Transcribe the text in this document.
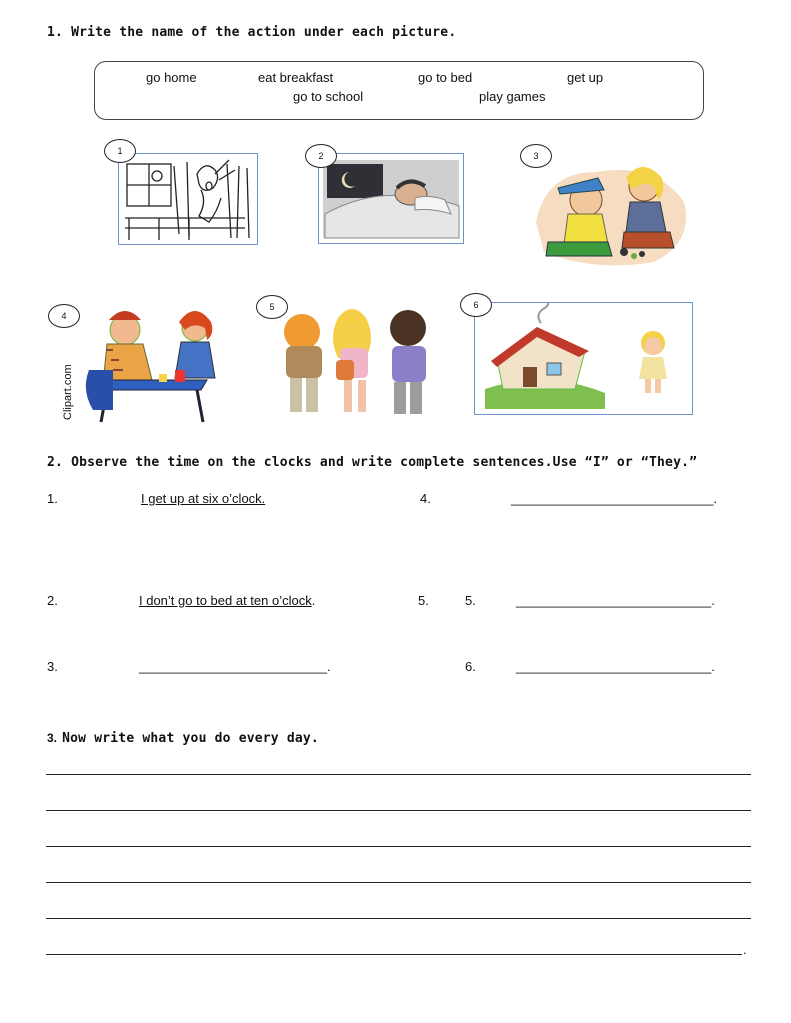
1. Write the name of the action under each picture.
go home	eat breakfast	go to bed	get up
go to school	play games
1	2	3
Clipart.com
4
5	6
2. Observe the time on the clocks and write complete sentences.Use “I” or “They.”
1.	I get up at six o’clock.	4.	____________________________.
2.	I don’t go to bed at ten o’clock.	5.	5.	___________________________.
3.	__________________________.	6.	___________________________.
3. Now write what you do every day.
.
